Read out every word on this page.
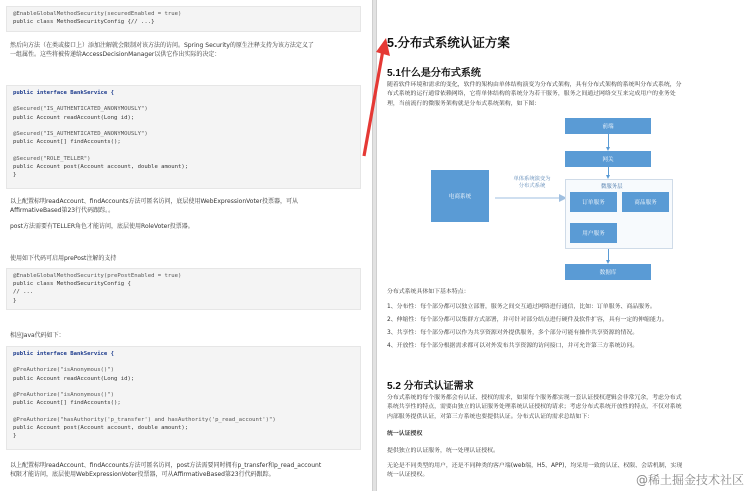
@EnableGlobalMethodSecurity(securedEnabled = true)
public class MethodSecurityConfig {// ...}
然后向方法（在类或接口上）添加注解就会限制对该方法的访问。Spring Security的原生注释支持为该方法定义了
一组属性。这些将被传递给AccessDecisionManager以供它作出实际的决定：
public interface BankService {
@Secured("IS_AUTHENTICATED_ANONYMOUSLY")
public Account readAccount(Long id);
@Secured("IS_AUTHENTICATED_ANONYMOUSLY")
public Account[] findAccounts();
@Secured("ROLE_TELLER")
public Account post(Account account, double amount);
}
以上配置标明readAccount、findAccounts方法可匿名访问，底层使用WebExpressionVoter投票器，可从
AffirmativeBased第23行代码跟踪。。
post方法需要有TELLER角色才能访问，底层使用RoleVoter投票器。
使用如下代码可启用prePost注解的支持
@EnableGlobalMethodSecurity(prePostEnabled = true)
public class MethodSecurityConfig {
// ...
}
相应Java代码如下：
public interface BankService {
@PreAuthorize("isAnonymous()")
public Account readAccount(Long id);
@PreAuthorize("isAnonymous()")
public Account[] findAccounts();
@PreAuthorize("hasAuthority('p_transfer') and hasAuthority('p_read_account')")
public Account post(Account account, double amount);
}
以上配置标明readAccount、findAccounts方法可匿名访问，post方法需要同时拥有p_transfer和p_read_account
权限才能访问，底层使用WebExpressionVoter投票器，可从AffirmativeBased第23行代码跟踪。
5.分布式系统认证方案
5.1什么是分布式系统
随着软件环境和需求的变化，软件的架构由单体结构演变为分布式架构，具有分布式架构的系统叫分布式系统，分
布式系统的运行通常依赖网络，它将单体结构的系统分为若干服务，服务之间通过网络交互来完成用户的业务处
理，当前流行的微服务架构就是分布式系统架构，如下图：
电商系统
单体系统演变为
分布式系统
前端
网关
微服务层
订单服务	商品服务
用户服务
数据库
分布式系统具体如下基本特点：
1、分布性：每个部分都可以独立部署，服务之间交互通过网络进行通信，比如：订单服务、商品服务。
2、伸缩性：每个部分都可以集群方式部署，并可针对部分结点进行硬件及软件扩容，具有一定的伸缩能力。
3、共享性：每个部分都可以作为共享资源对外提供服务，多个部分可能有操作共享资源的情况。
4、开放性：每个部分根据需求都可以对外发布共享资源的访问接口，并可允许第三方系统访问。
5.2 分布式认证需求
分布式系统的每个服务都会有认证、授权的需求，如果每个服务都实现一套认证授权逻辑会非常冗余，考虑分布式
系统共享性的特点，需要由独立的认证服务处理系统认证授权的请求；考虑分布式系统开放性的特点，不仅对系统
内部服务提供认证，对第三方系统也要提供认证。分布式认证的需求总结如下：
统一认证授权
提供独立的认证服务，统一处理认证授权。
无论是不同类型的用户，还是不同种类的客户端(web端，H5、APP)，均采用一致的认证、权限、会话机制，实现
统一认证授权。	@稀土掘金技术社区
